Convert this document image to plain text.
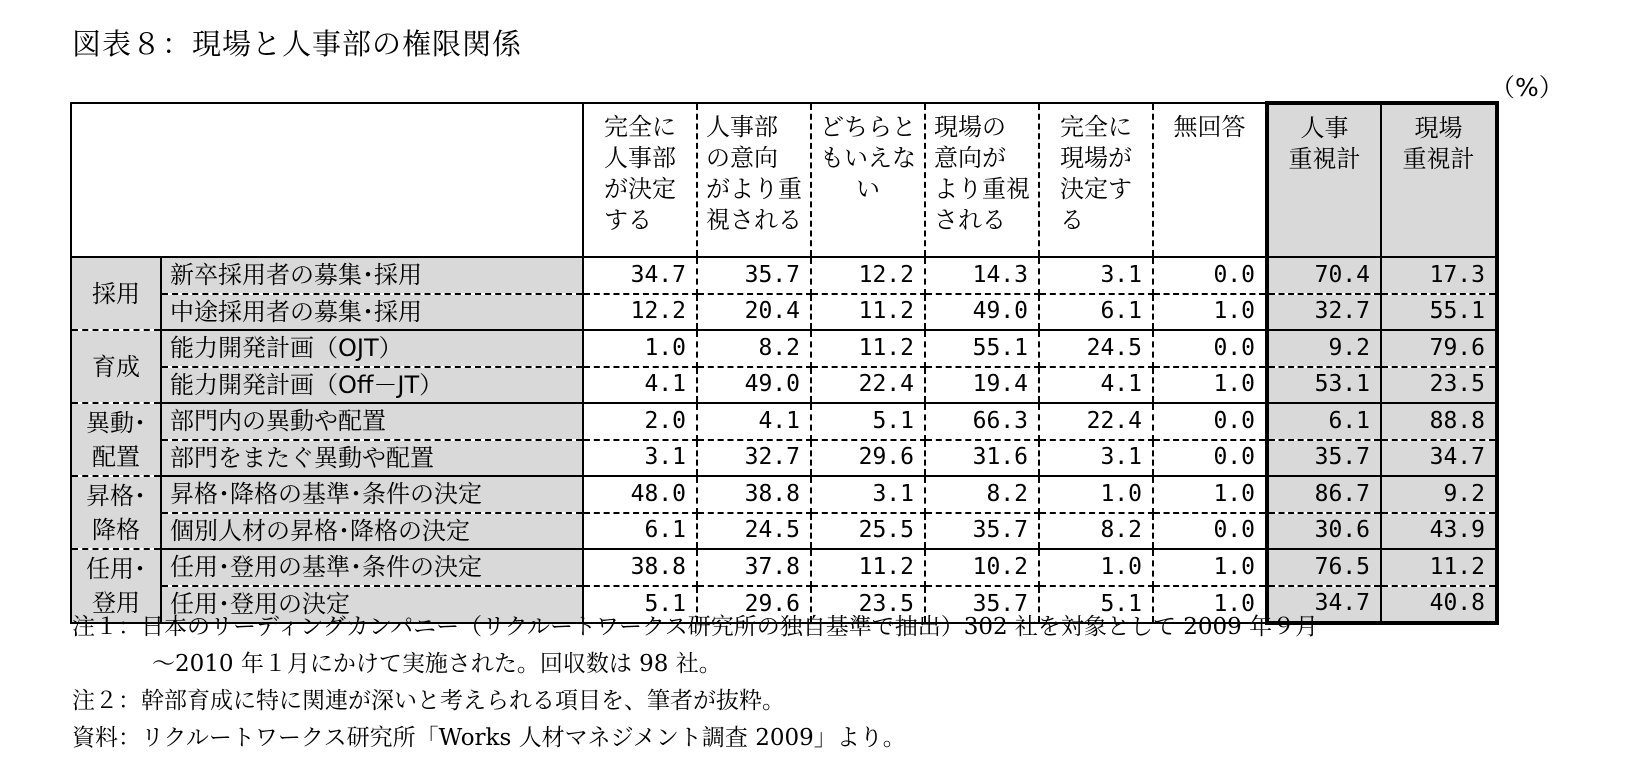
図表８：現場と人事部の権限関係
（%）
		完全に
人事部
が決定
する	人事部
の意向
がより重
視される	どちらと
もいえな

い	現場の
意向が
より重視
される	完全に
現場が
決定す
る	無回答	人事
重視計	現場
重視計
採用	新卒採用者の募集･採用	34.7	35.7	12.2	14.3	3.1	0.0	70.4	17.3
	中途採用者の募集･採用	12.2	20.4	11.2	49.0	6.1	1.0	32.7	55.1
育成	能力開発計画（OJT）	1.0	8.2	11.2	55.1	24.5	0.0	9.2	79.6
	能力開発計画（Off－JT）	4.1	49.0	22.4	19.4	4.1	1.0	53.1	23.5
異動･
配置	部門内の異動や配置	2.0	4.1	5.1	66.3	22.4	0.0	6.1	88.8
	部門をまたぐ異動や配置	3.1	32.7	29.6	31.6	3.1	0.0	35.7	34.7
昇格･
降格	昇格･降格の基準･条件の決定	48.0	38.8	3.1	8.2	1.0	1.0	86.7	9.2
	個別人材の昇格･降格の決定	6.1	24.5	25.5	35.7	8.2	0.0	30.6	43.9
任用･
登用	任用･登用の基準･条件の決定	38.8	37.8	11.2	10.2	1.0	1.0	76.5	11.2
	任用･登用の決定	5.1	29.6	23.5	35.7	5.1	1.0	34.7	40.8
注１：日本のリーディングカンパニー（リクルートワークス研究所の独自基準で抽出）302 社を対象として 2009 年９月
～2010 年１月にかけて実施された。回収数は 98 社。
注２：幹部育成に特に関連が深いと考えられる項目を、筆者が抜粋。
資料：リクルートワークス研究所「Works 人材マネジメント調査 2009」より。
